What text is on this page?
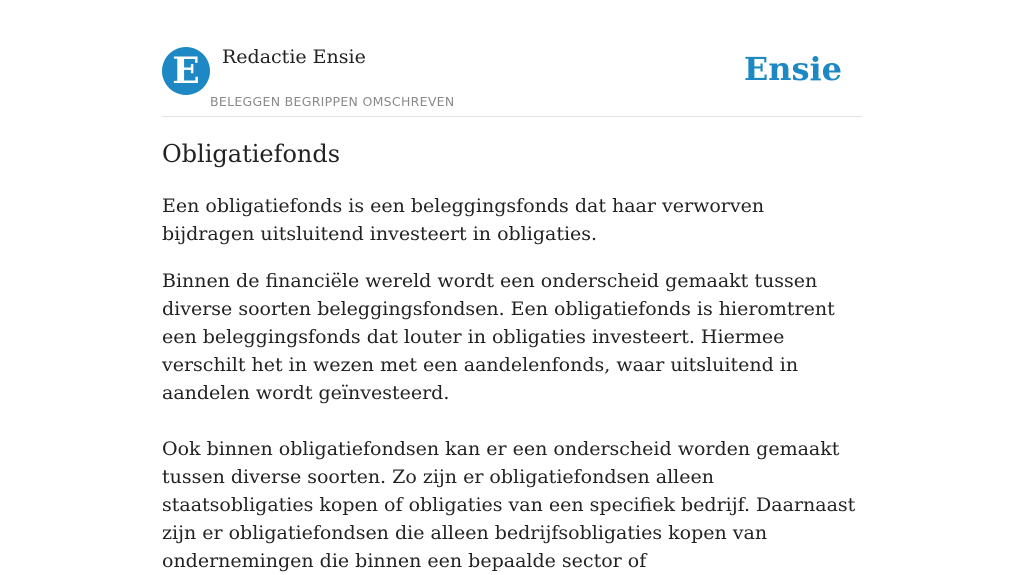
E	Redactie Ensie
BELEGGEN BEGRIPPEN OMSCHREVEN
Ensie
Obligatiefonds

Een obligatiefonds is een beleggingsfonds dat haar verworven bijdragen uitsluitend investeert in obligaties.

Binnen de financiële wereld wordt een onderscheid gemaakt tussen diverse soorten beleggingsfondsen. Een obligatiefonds is hieromtrent een beleggingsfonds dat louter in obligaties investeert. Hiermee verschilt het in wezen met een aandelenfonds, waar uitsluitend in aandelen wordt geïnvesteerd.

Ook binnen obligatiefondsen kan er een onderscheid worden gemaakt tussen diverse soorten. Zo zijn er obligatiefondsen alleen staatsobligaties kopen of obligaties van een specifiek bedrijf. Daarnaast zijn er obligatiefondsen die alleen bedrijfsobligaties kopen van ondernemingen die binnen een bepaalde sector of
